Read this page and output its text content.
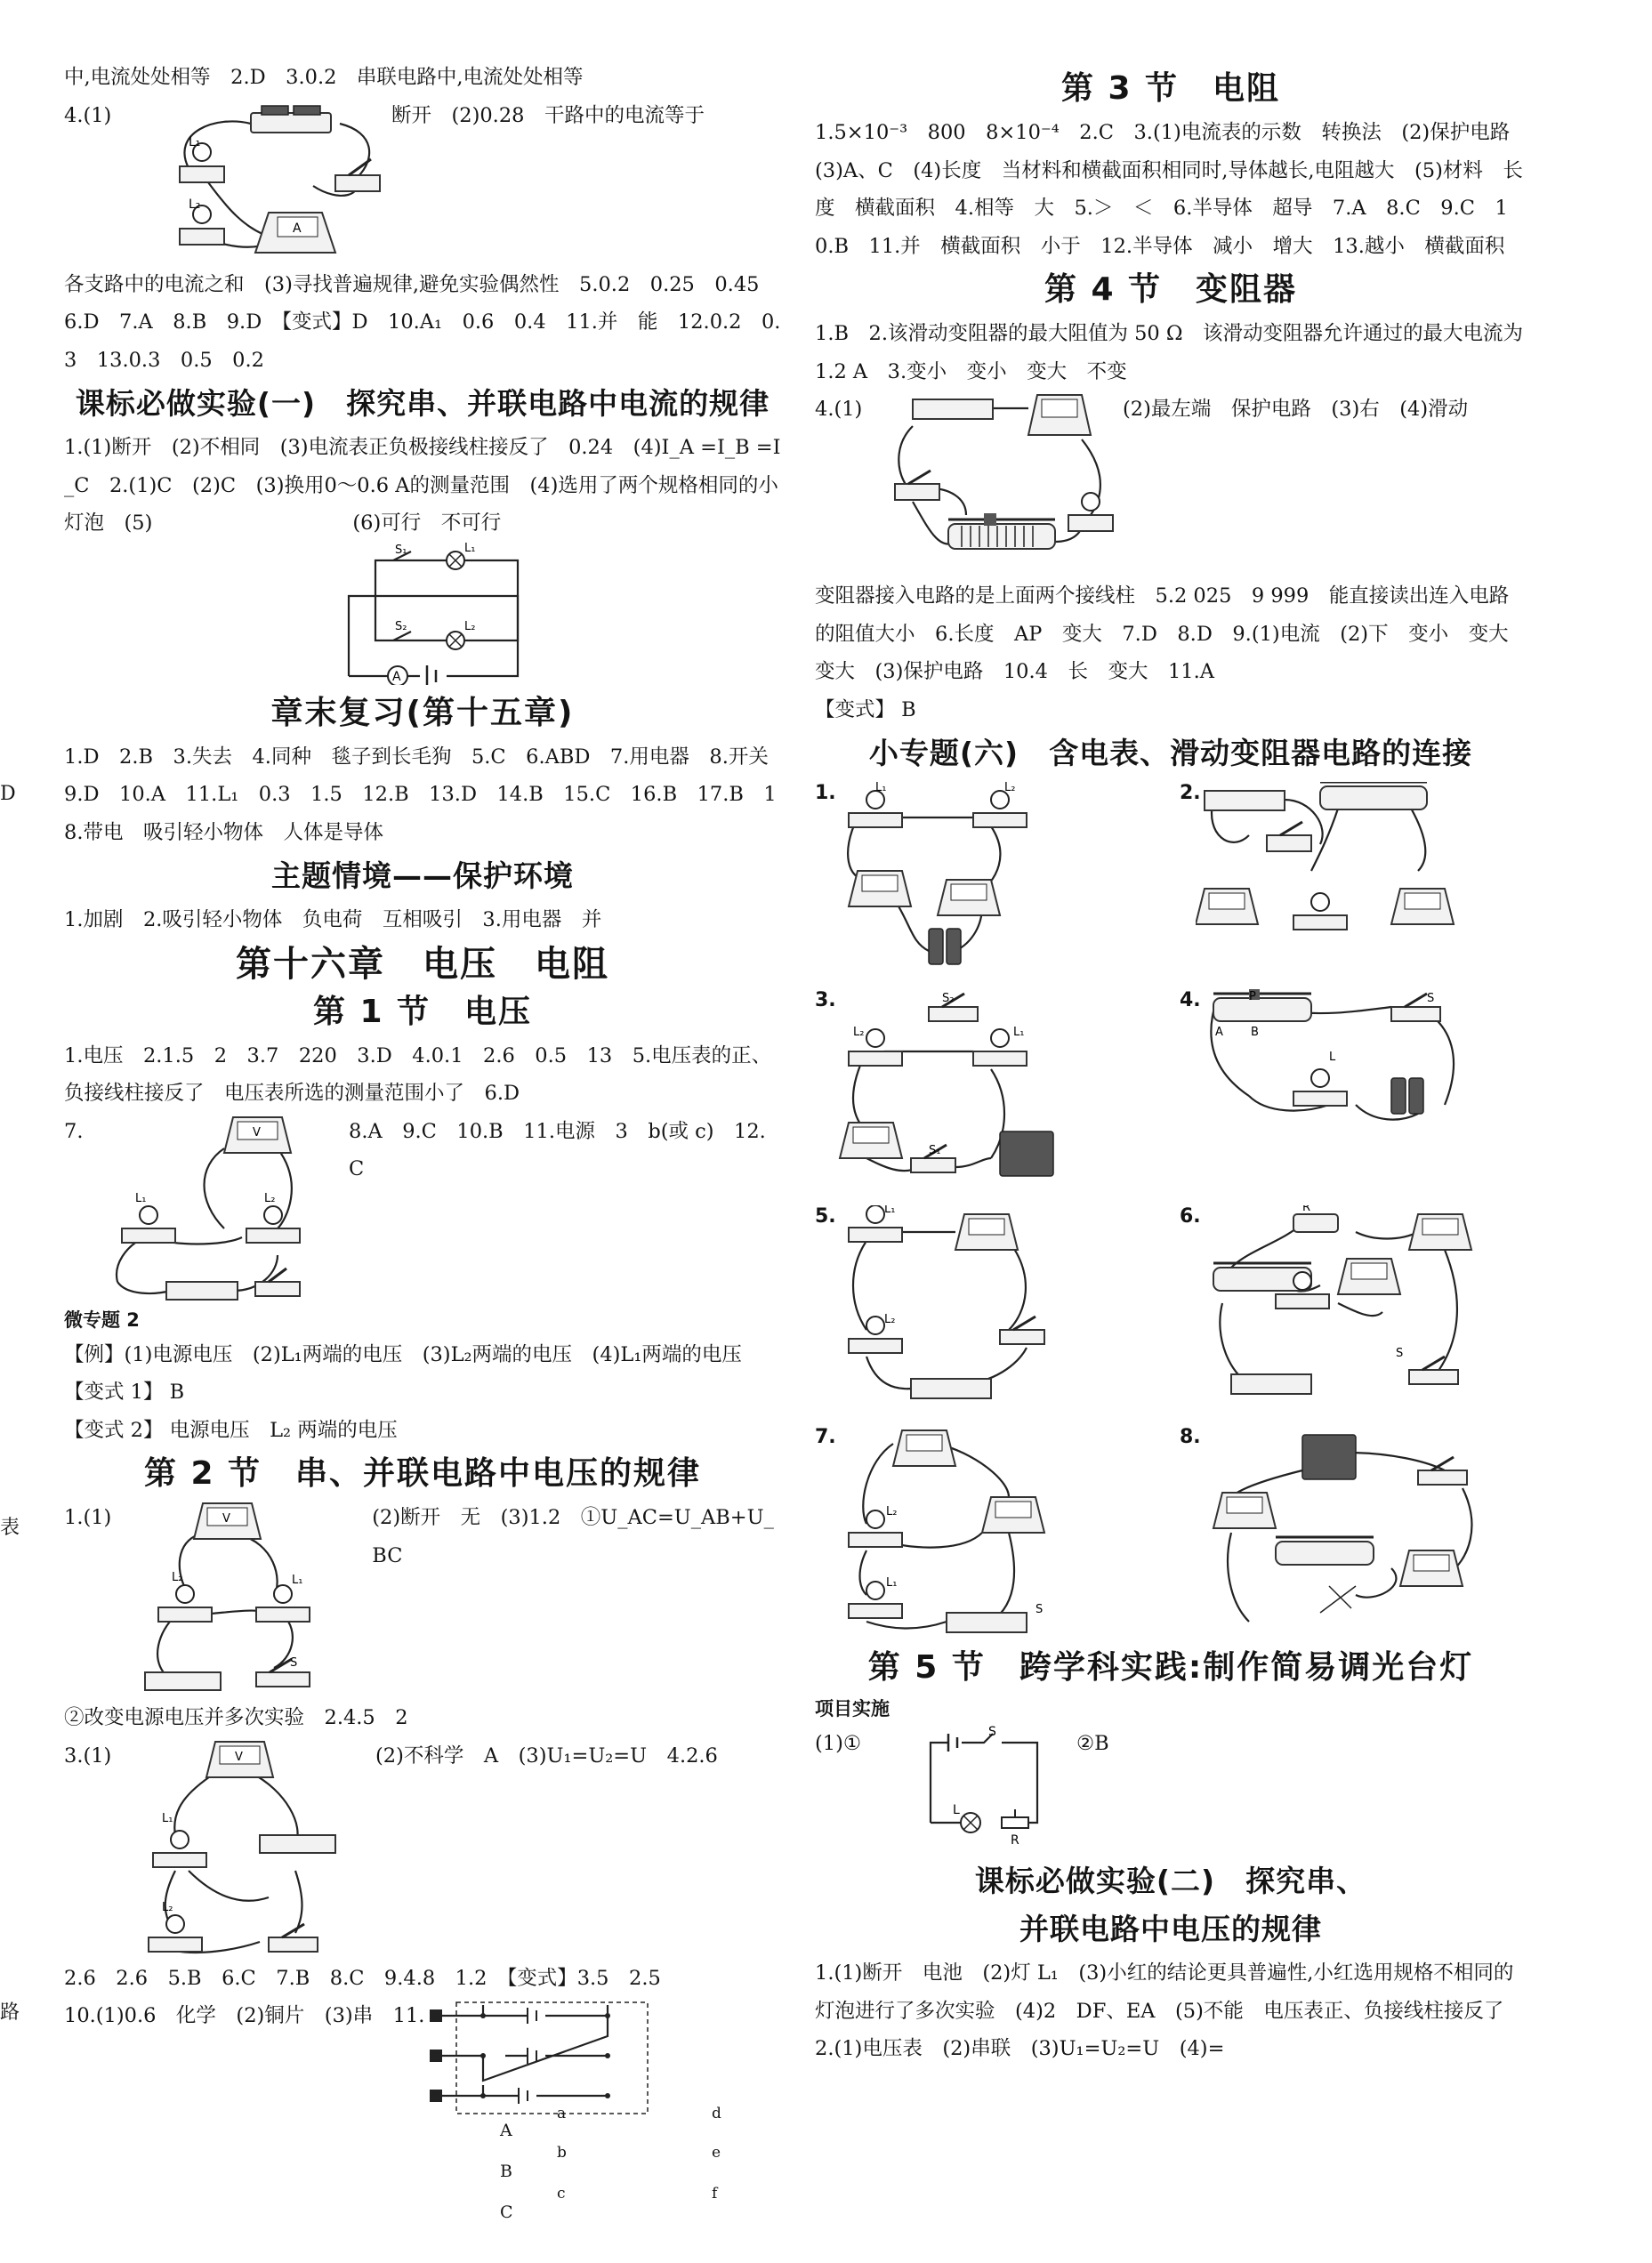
D
表
路

中,电流处处相等　2.D　3.0.2　串联电路中,电流处处相等

4.(1)
A
L₁
L₂
断开　(2)0.28　干路中的电流等于

各支路中的电流之和　(3)寻找普遍规律,避免实验偶然性　5.0.2　0.25　0.45　6.D　7.A　8.B　9.D　【变式】D　10.A₁　0.6　0.4　11.并　能　12.0.2　0.3　13.0.3　0.5　0.2

课标必做实验(一)　探究串、并联电路中电流的规律

1.(1)断开　(2)不相同　(3)电流表正负极接线柱接反了　0.24　(4)I_A =I_B =I_C　2.(1)C　(2)C　(3)换用0～0.6 A的测量范围　(4)选用了两个规格相同的小灯泡　(5)　　　　　　　　　　	(6)可行　不可行

A
S₁
S₂
L₁
L₂
章末复习(第十五章)

1.D　2.B　3.失去　4.同种　毯子到长毛狗　5.C　6.ABD　7.用电器　8.开关　9.D　10.A　11.L₁　0.3　1.5　12.B　13.D　14.B　15.C　16.B　17.B　18.带电　吸引轻小物体　人体是导体

主题情境——保护环境

1.加剧　2.吸引轻小物体　负电荷　互相吸引　3.用电器　并

第十六章　电压　电阻
第 1 节　电压

1.电压　2.1.5　2　3.7　220　3.D　4.0.1　2.6　0.5　13　5.电压表的正、负接线柱接反了　电压表所选的测量范围小了　6.D

7.	V
L₁	L₂
8.A　9.C　10.B　11.电源　3　b(或 c)　12.C
微专题 2

【例】(1)电源电压　(2)L₁两端的电压　(3)L₂两端的电压　(4)L₁两端的电压

【变式 1】 B

【变式 2】 电源电压　L₂ 两端的电压

第 2 节　串、并联电路中电压的规律
1.(1)	V
L₂	L₁
S
(2)断开　无　(3)1.2　①U_AC=U_AB+U_BC

②改变电源电压并多次实验　2.4.5　2

3.(1)	V
L₁
L₂
(2)不科学　A　(3)U₁=U₂=U　4.2.6

2.6　2.6　5.B　6.C　7.B　8.C　9.4.8　1.2　【变式】3.5　2.5

10.(1)0.6　化学　(2)铜片　(3)串　11.
A
B
C
a
b
c
d
e
f
第 3 节　电阻

1.5×10⁻³　800　8×10⁻⁴　2.C　3.(1)电流表的示数　转换法　(2)保护电路　(3)A、C　(4)长度　当材料和横截面积相同时,导体越长,电阻越大　(5)材料　长度　横截面积　4.相等　大　5.＞　＜　6.半导体　超导　7.A　8.C　9.C　10.B　11.并　横截面积　小于　12.半导体　减小　增大　13.越小　横截面积

第 4 节　变阻器

1.B　2.该滑动变阻器的最大阻值为 50 Ω　该滑动变阻器允许通过的最大电流为 1.2 A　3.变小　变小　变大　不变

4.(1)	(2)最左端　保护电路　(3)右　(4)滑动

变阻器接入电路的是上面两个接线柱　5.2 025　9 999　能直接读出连入电路的阻值大小　6.长度　AP　变大　7.D　8.D　9.(1)电流　(2)下　变小　变大　变大　(3)保护电路　10.4　长　变大　11.A

【变式】 B

小专题(六)　含电表、滑动变阻器电路的连接
1.	L₁	L₂	2.
3.	S₂
L₂	L₁
S₁
4.	P
A B
L
S
5.	L₁
L₂
6.	R
S
7.
L₂
L₁
S
8.
第 5 节　跨学科实践:制作简易调光台灯
项目实施
(1)①	S
L
R
②B
课标必做实验(二)　探究串、
并联电路中电压的规律

1.(1)断开　电池　(2)灯 L₁　(3)小红的结论更具普遍性,小红选用规格不相同的灯泡进行了多次实验　(4)2　DF、EA　(5)不能　电压表正、负接线柱接反了　2.(1)电压表　(2)串联　(3)U₁=U₂=U　(4)=
